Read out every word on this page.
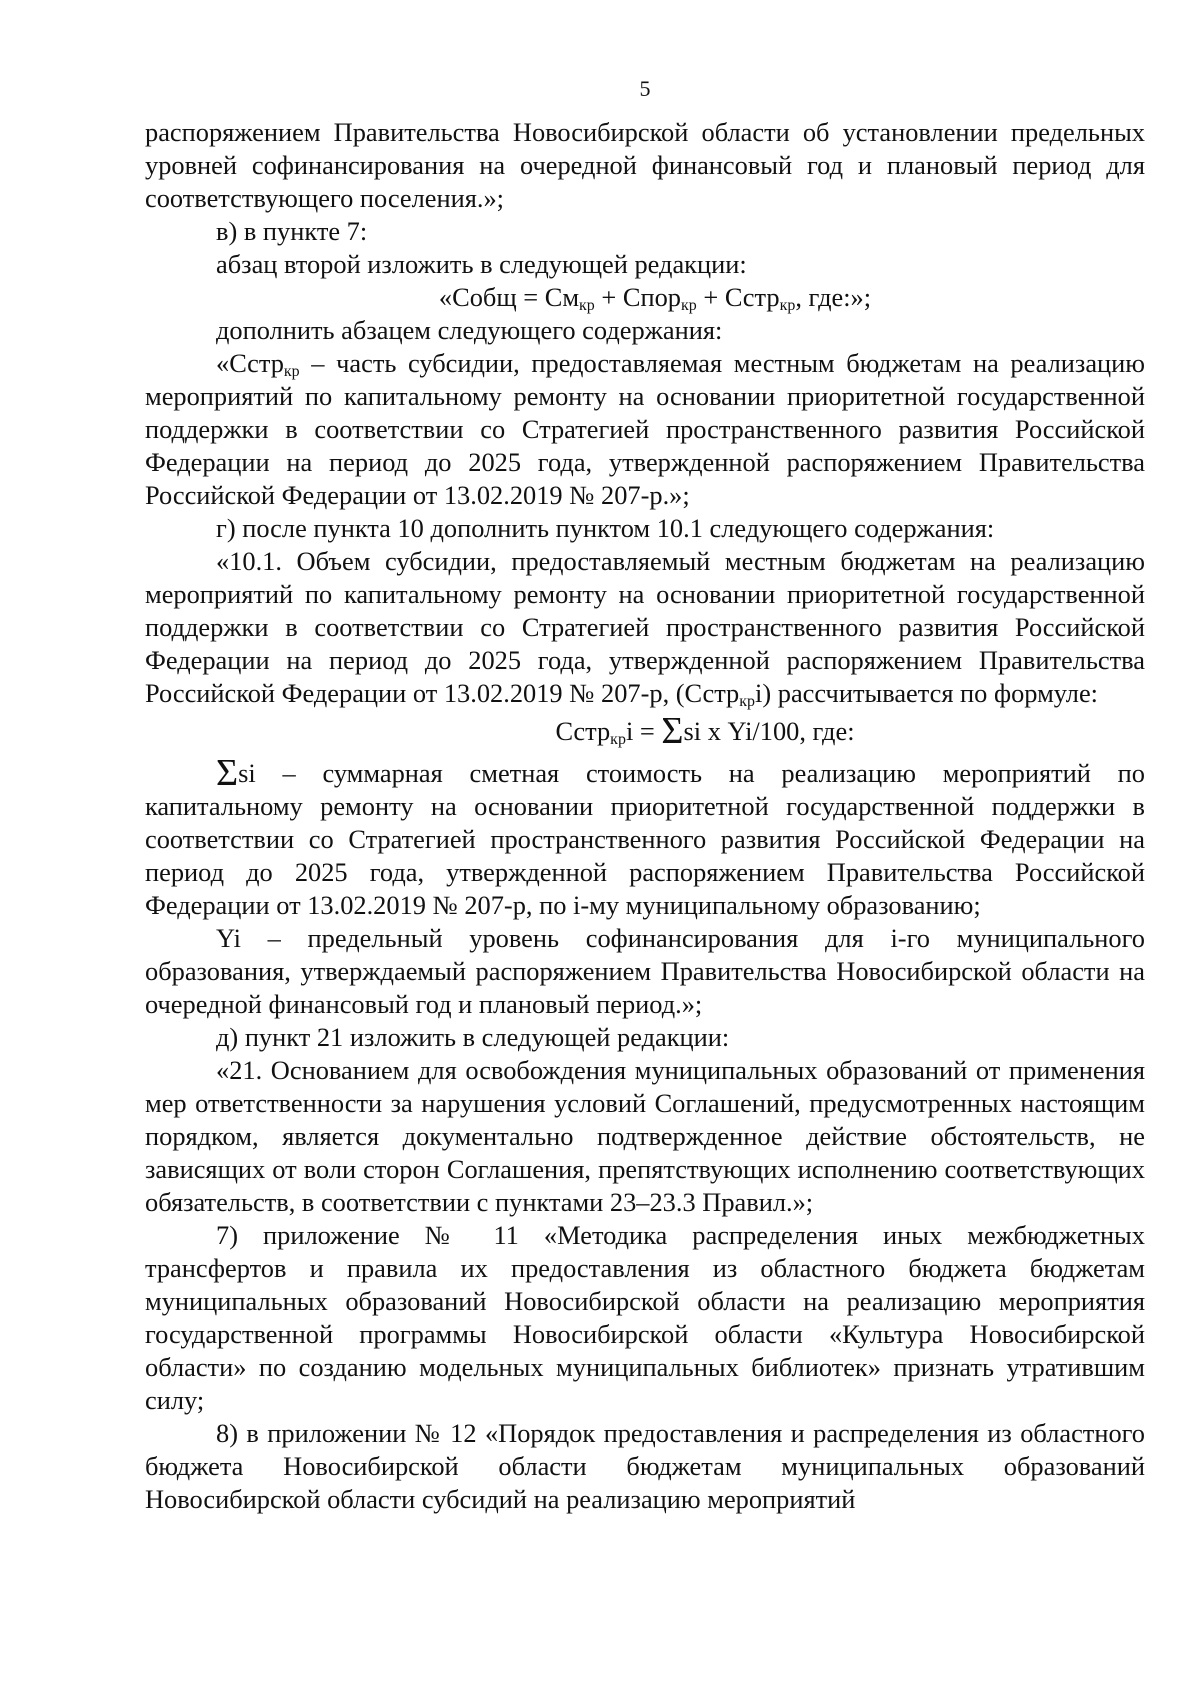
5

распоряжением Правительства Новосибирской области об установлении предельных уровней софинансирования на очередной финансовый год и плановый период для соответствующего поселения.»;

в) в пункте 7:

абзац второй изложить в следующей редакции:

«Собщ = $См_{кр}$ + Спор$_{кр}$ + Сстр$_{кр}$, где:»;

дополнить абзацем следующего содержания:

«Сстр$_{кр}$ – часть субсидии, предоставляемая местным бюджетам на реализацию мероприятий по капитальному ремонту на основании приоритетной государственной поддержки в соответствии со Стратегией пространственного развития Российской Федерации на период до 2025 года, утвержденной распоряжением Правительства Российской Федерации от 13.02.2019 № 207-р.»;

г) после пункта 10 дополнить пунктом 10.1 следующего содержания:

«10.1. Объем субсидии, предоставляемый местным бюджетам на реализацию мероприятий по капитальному ремонту на основании приоритетной государственной поддержки в соответствии со Стратегией пространственного развития Российской Федерации на период до 2025 года, утвержденной распоряжением Правительства Российской Федерации от 13.02.2019 № 207-р, (Сстр$_{кр}$i) рассчитывается по формуле:

Сстр$_{кр}$i = Σsi х Yi/100, где:

Σsi – суммарная сметная стоимость на реализацию мероприятий по капитальному ремонту на основании приоритетной государственной поддержки в соответствии со Стратегией пространственного развития Российской Федерации на период до 2025 года, утвержденной распоряжением Правительства Российской Федерации от 13.02.2019 № 207-р, по i-му муниципальному образованию;

Yi – предельный уровень софинансирования для i-го муниципального образования, утверждаемый распоряжением Правительства Новосибирской области на очередной финансовый год и плановый период.»;

д) пункт 21 изложить в следующей редакции:

«21. Основанием для освобождения муниципальных образований от применения мер ответственности за нарушения условий Соглашений, предусмотренных настоящим порядком, является документально подтвержденное действие обстоятельств, не зависящих от воли сторон Соглашения, препятствующих исполнению соответствующих обязательств, в соответствии с пунктами 23–23.3 Правил.»;

7) приложение № 11 «Методика распределения иных межбюджетных трансфертов и правила их предоставления из областного бюджета бюджетам муниципальных образований Новосибирской области на реализацию мероприятия государственной программы Новосибирской области «Культура Новосибирской области» по созданию модельных муниципальных библиотек» признать утратившим силу;

8) в приложении № 12 «Порядок предоставления и распределения из областного бюджета Новосибирской области бюджетам муниципальных образований Новосибирской области субсидий на реализацию мероприятий
